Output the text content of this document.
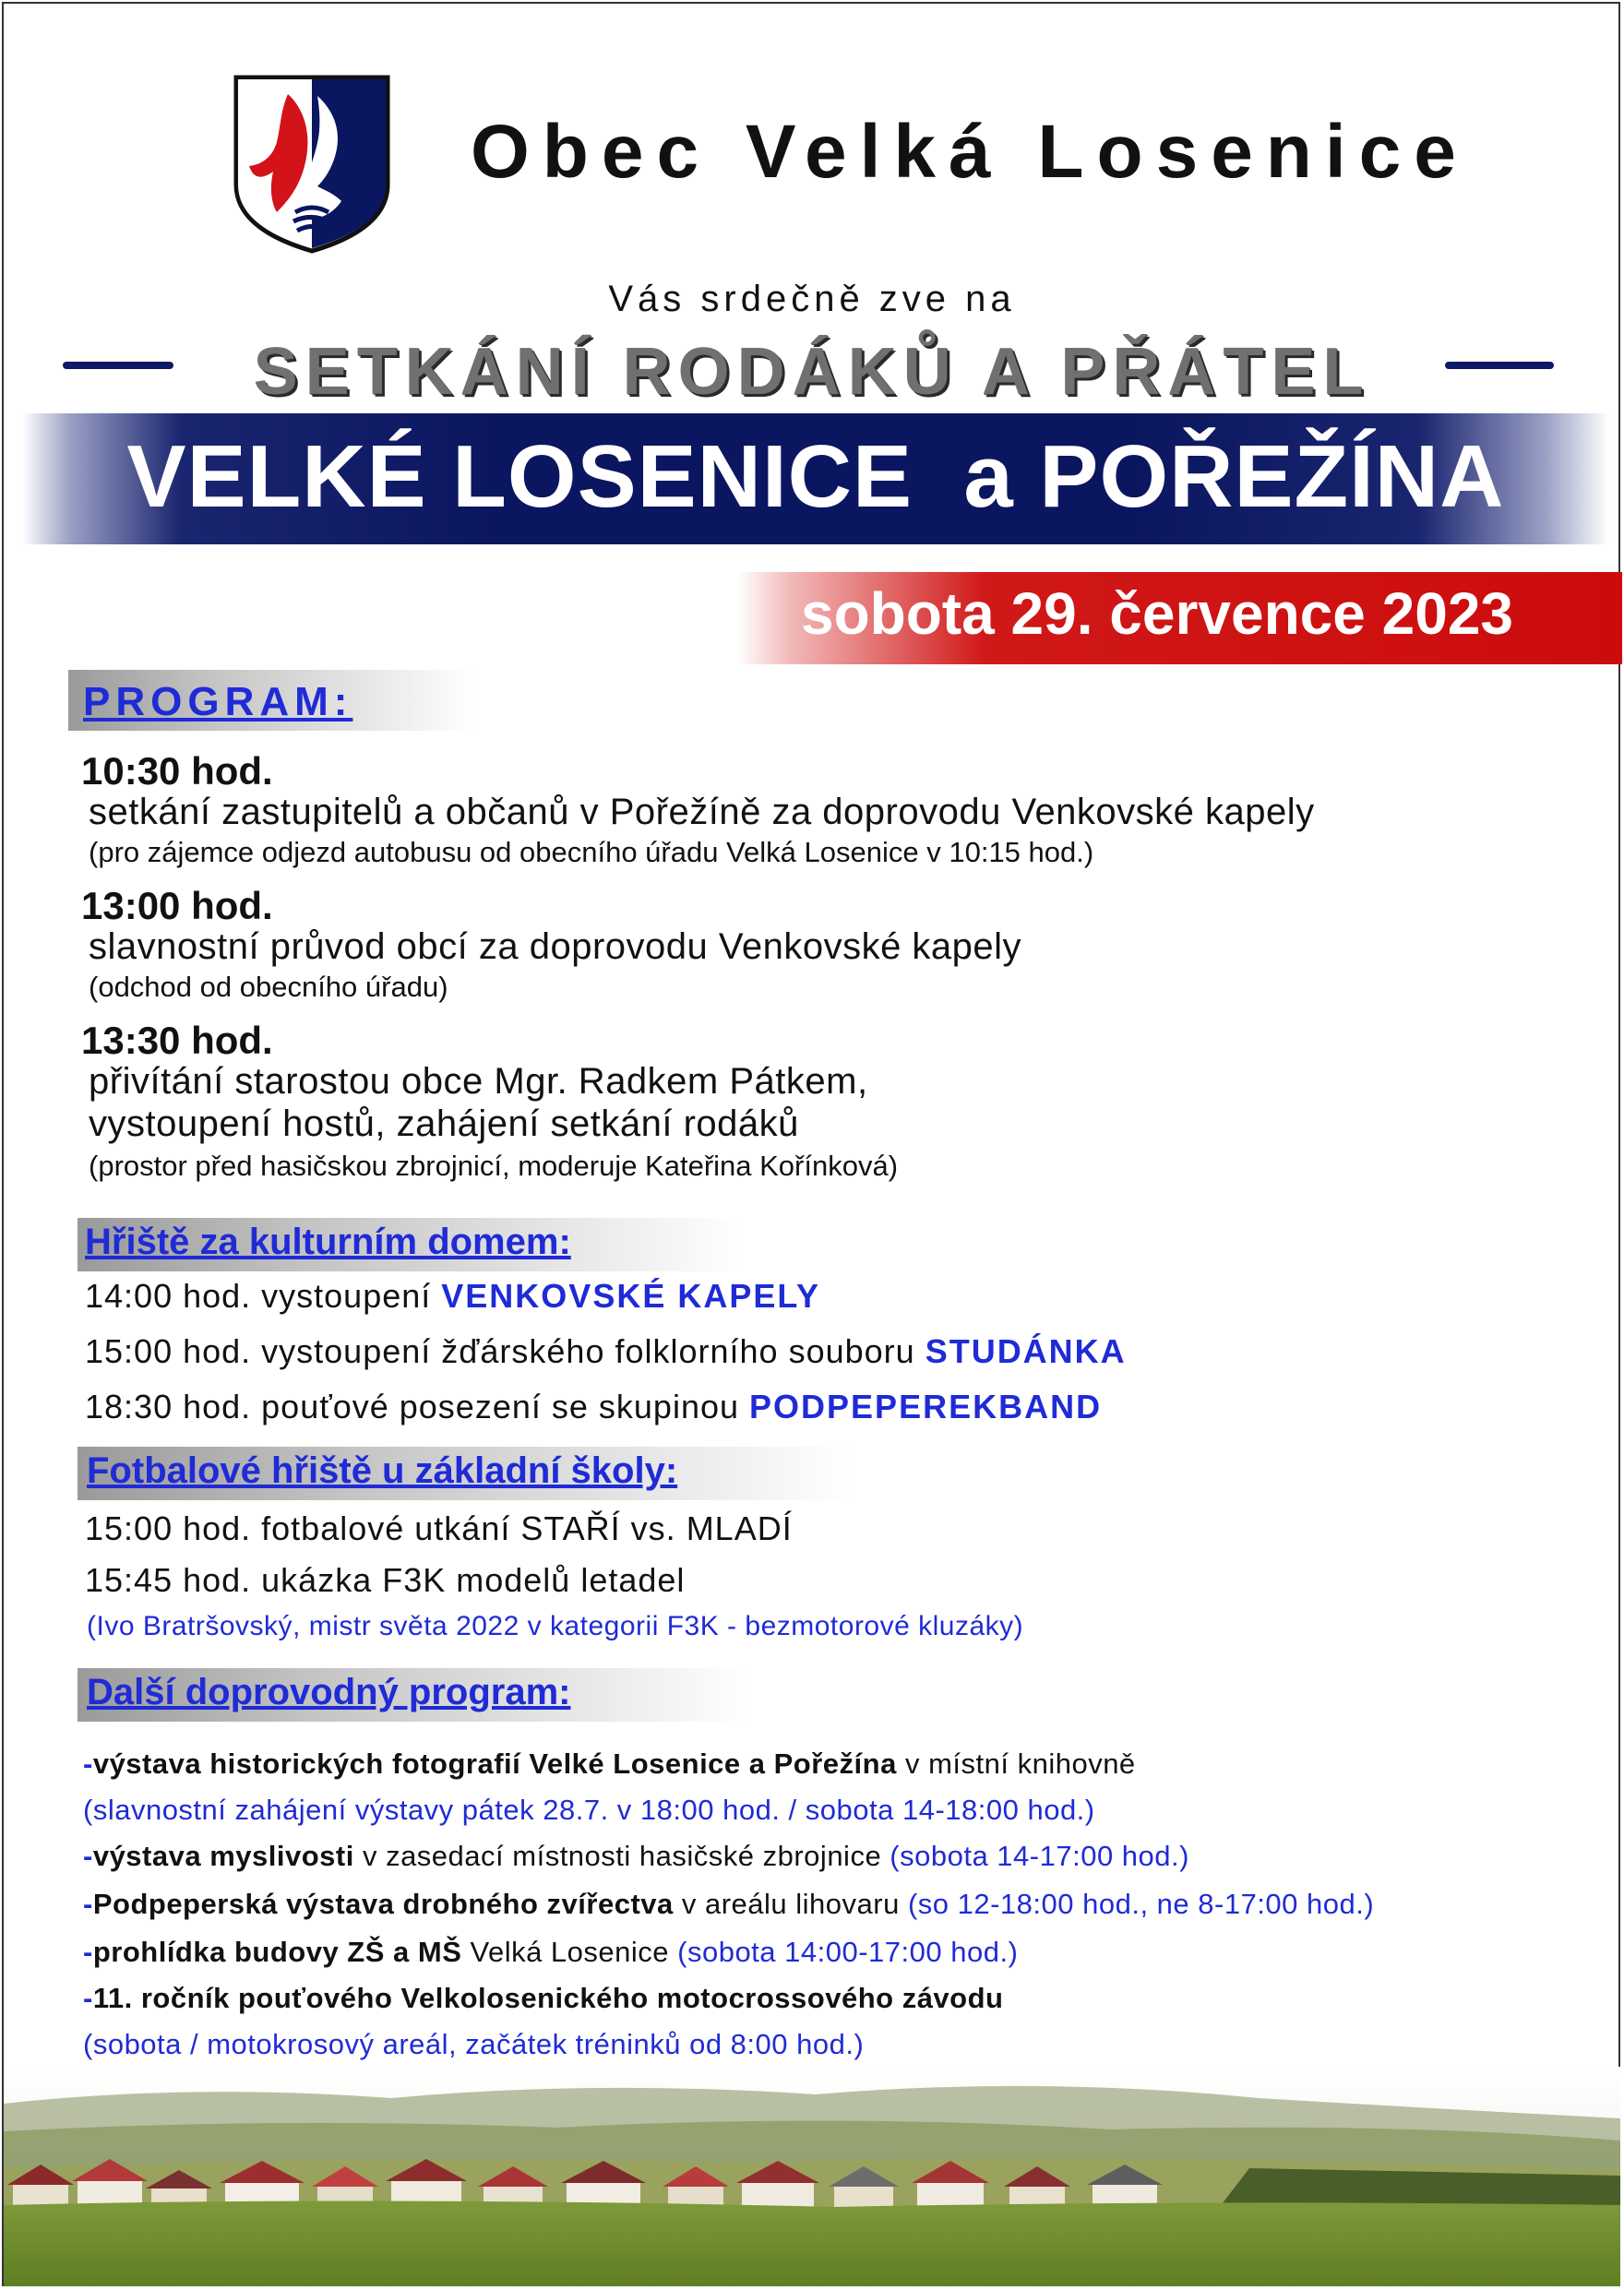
Obec Velká Losenice
Vás srdečně zve na
SETKÁNÍ RODÁKŮ A PŘÁTEL
VELKÉ LOSENICE  a POŘEŽÍNA
sobota 29. července 2023
PROGRAM:
10:30 hod.
setkání zastupitelů a občanů v Pořežíně za doprovodu Venkovské kapely
(pro zájemce odjezd autobusu od obecního úřadu Velká Losenice v 10:15 hod.)
13:00 hod.
slavnostní průvod obcí za doprovodu Venkovské kapely
(odchod od obecního úřadu)
13:30 hod.
přivítání starostou obce Mgr. Radkem Pátkem,
vystoupení hostů, zahájení setkání rodáků
(prostor před hasičskou zbrojnicí, moderuje Kateřina Kořínková)
Hřiště za kulturním domem:
14:00 hod. vystoupení VENKOVSKÉ KAPELY
15:00 hod. vystoupení žďárského folklorního souboru STUDÁNKA
18:30 hod. pouťové posezení se skupinou PODPEPEREKBAND
Fotbalové hřiště u základní školy:
15:00 hod. fotbalové utkání STAŘÍ vs. MLADÍ
15:45 hod. ukázka F3K modelů letadel
(Ivo Bratršovský, mistr světa 2022 v kategorii F3K - bezmotorové kluzáky)
Další doprovodný program:
-výstava historických fotografií Velké Losenice a Pořežína v místní knihovně
(slavnostní zahájení výstavy pátek 28.7. v 18:00 hod. / sobota 14-18:00 hod.)
-výstava myslivosti v zasedací místnosti hasičské zbrojnice (sobota 14-17:00 hod.)
-Podpeperská výstava drobného zvířectva v areálu lihovaru (so 12-18:00 hod., ne 8-17:00 hod.)
-prohlídka budovy ZŠ a MŠ Velká Losenice (sobota 14:00-17:00 hod.)
-11. ročník pouťového Velkolosenického motocrossového závodu
(sobota / motokrosový areál, začátek tréninků od 8:00 hod.)
